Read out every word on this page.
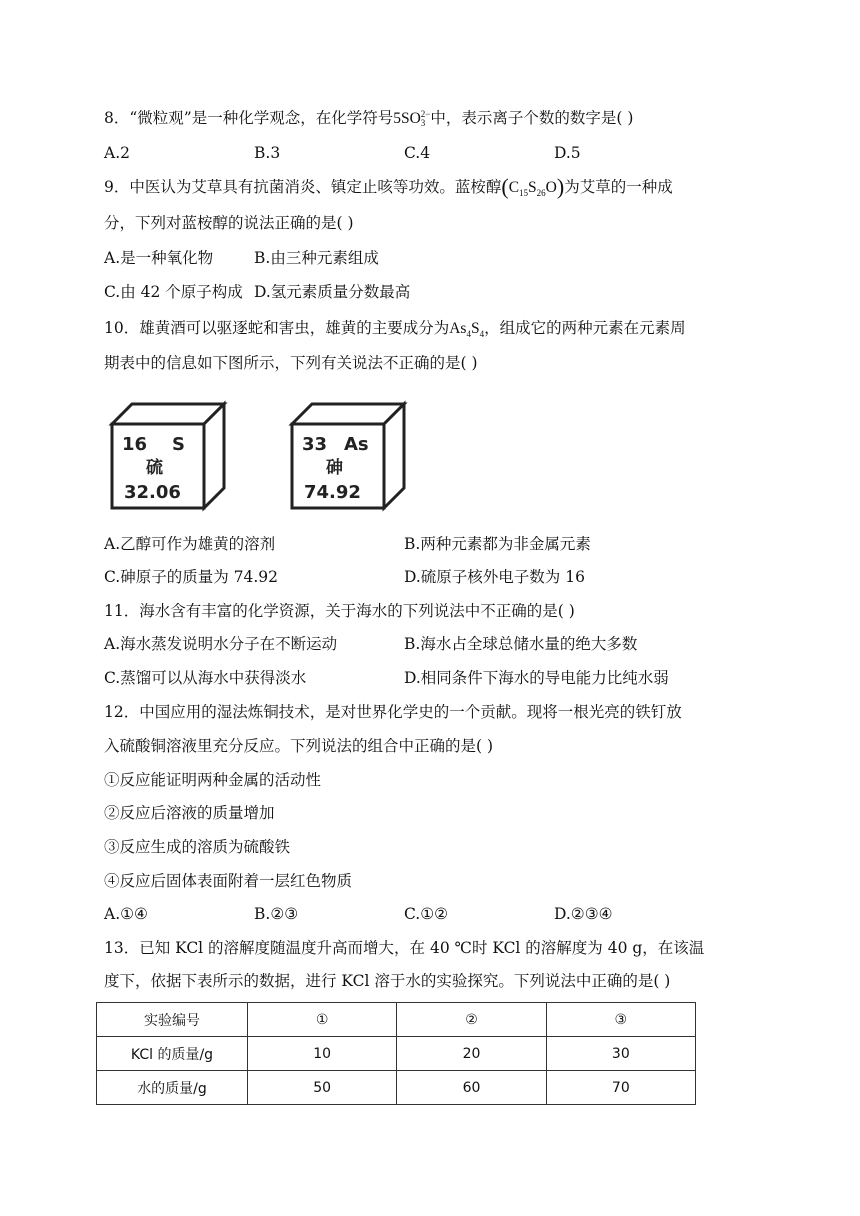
8．“微粒观”是一种化学观念，在化学符号5SO 2−
3 中，表示离子个数的数字是( )
A.2	B.3	C.4	D.5
9．中医认为艾草具有抗菌消炎、镇定止咳等功效。蓝桉醇$(C_{15}S_{26}O)$为艾草的一种成
分，下列对蓝桉醇的说法正确的是( )
A.是一种氧化物	B.由三种元素组成
C.由 42 个原子构成 D.氢元素质量分数最高
10．雄黄酒可以驱逐蛇和害虫，雄黄的主要成分为$As_4S_4$，组成它的两种元素在元素周
期表中的信息如下图所示，下列有关说法不正确的是( )
16 S
硫
32.06
33 As
砷
74.92
A.乙醇可作为雄黄的溶剂	B.两种元素都为非金属元素
C.砷原子的质量为 74.92	D.硫原子核外电子数为 16
11．海水含有丰富的化学资源，关于海水的下列说法中不正确的是( )
A.海水蒸发说明水分子在不断运动	B.海水占全球总储水量的绝大多数
C.蒸馏可以从海水中获得淡水	D.相同条件下海水的导电能力比纯水弱
12．中国应用的湿法炼铜技术，是对世界化学史的一个贡献。现将一根光亮的铁钉放
入硫酸铜溶液里充分反应。下列说法的组合中正确的是( )
①反应能证明两种金属的活动性
②反应后溶液的质量增加
③反应生成的溶质为硫酸铁
④反应后固体表面附着一层红色物质
A.①④	B.②③	C.①②	D.②③④
13．已知 KCl 的溶解度随温度升高而增大，在 40 ℃时 KCl 的溶解度为 40 g，在该温
度下，依据下表所示的数据，进行 KCl 溶于水的实验探究。下列说法中正确的是( )
实验编号	①	②	③
KCl 的质量/g	10	20	30
水的质量/g	50	60	70
